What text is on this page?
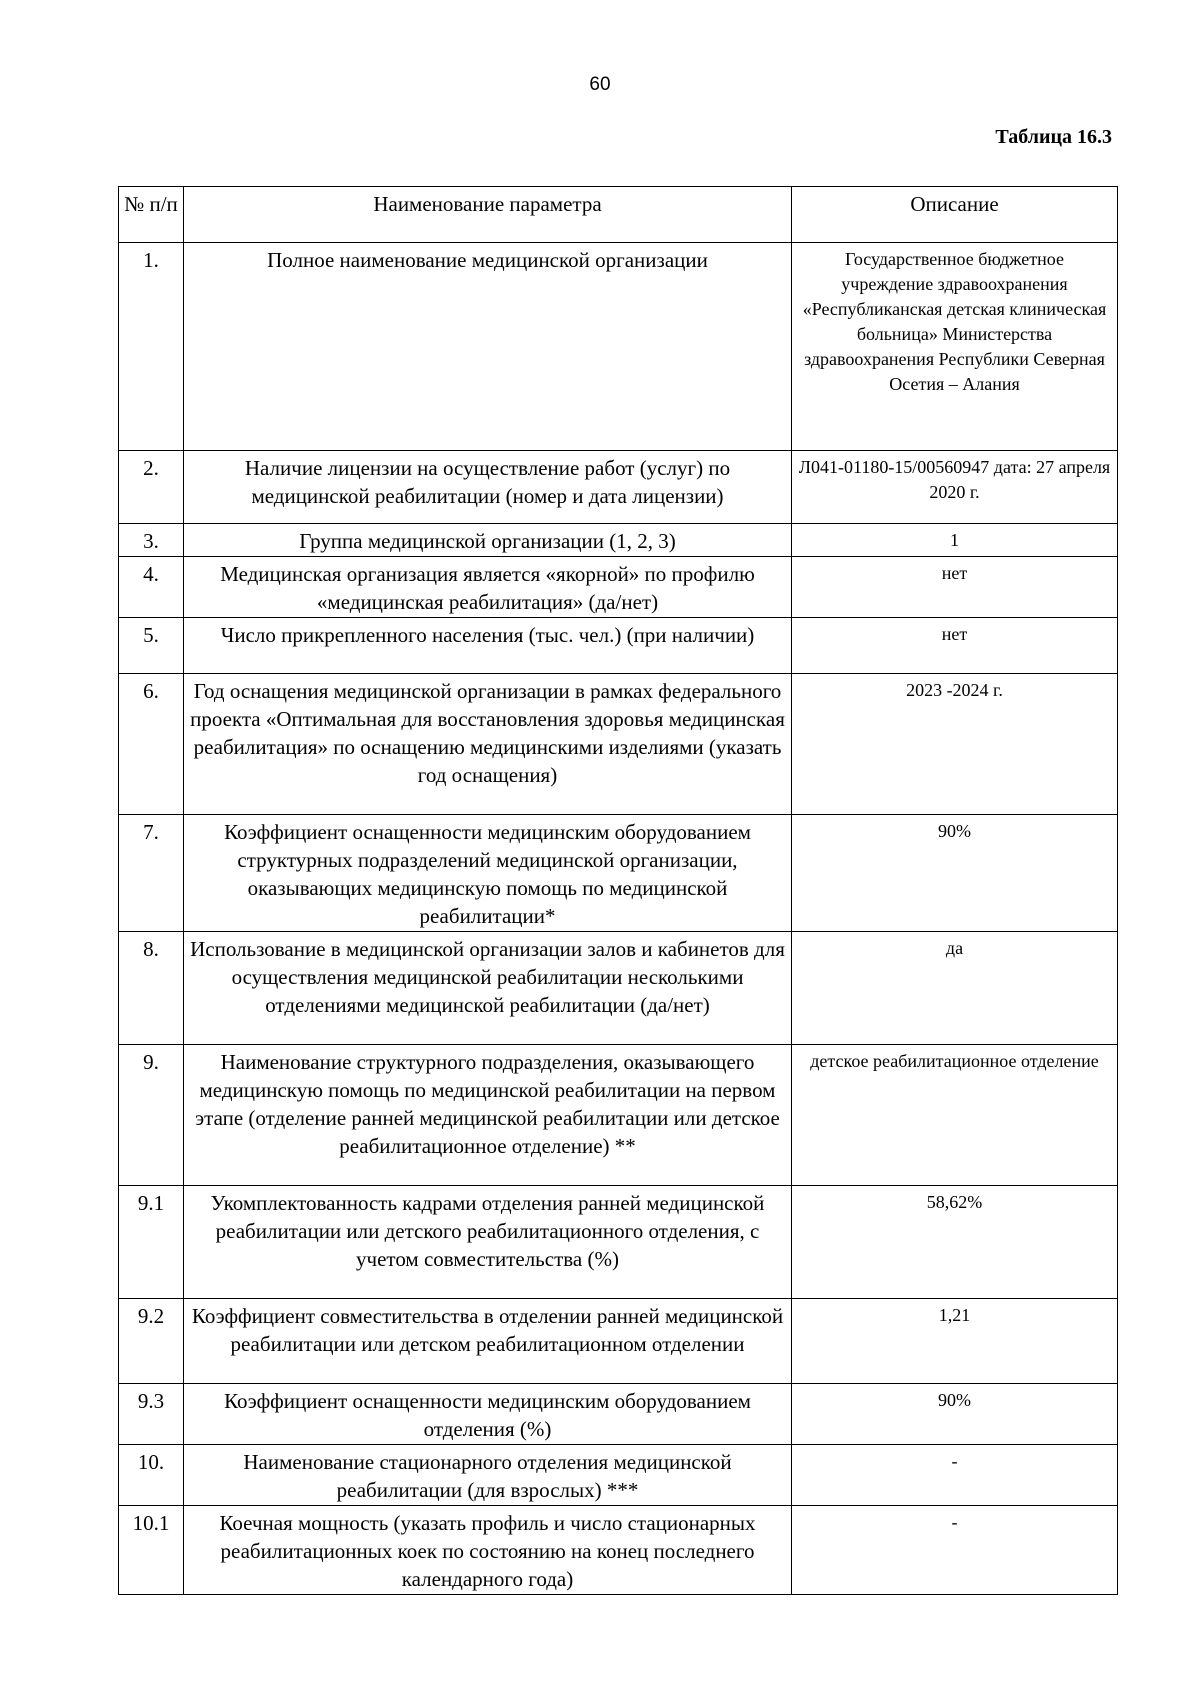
60
Таблица 16.3
№ п/п	Наименование параметра	Описание
1.	Полное наименование медицинской организации	Государственное бюджетное учреждение здравоохранения «Республиканская детская клиническая больница» Министерства здравоохранения Республики Северная Осетия – Алания
2.	Наличие лицензии на осуществление работ (услуг) по медицинской реабилитации (номер и дата лицензии)	Л041-01180-15/00560947 дата: 27 апреля 2020 г.
3.	Группа медицинской организации (1, 2, 3)	1
4.	Медицинская организация является «якорной» по профилю «медицинская реабилитация» (да/нет)	нет
5.	Число прикрепленного населения (тыс. чел.) (при наличии)	нет
6.	Год оснащения медицинской организации в рамках федерального проекта «Оптимальная для восстановления здоровья медицинская реабилитация» по оснащению медицинскими изделиями (указать год оснащения)	2023 -2024 г.
7.	Коэффициент оснащенности медицинским оборудованием структурных подразделений медицинской организации, оказывающих медицинскую помощь по медицинской реабилитации*	90%
8.	Использование в медицинской организации залов и кабинетов для осуществления медицинской реабилитации несколькими отделениями медицинской реабилитации (да/нет)	да
9.	Наименование структурного подразделения, оказывающего медицинскую помощь по медицинской реабилитации на первом этапе (отделение ранней медицинской реабилитации или детское реабилитационное отделение) **	детское реабилитационное отделение
9.1	Укомплектованность кадрами отделения ранней медицинской реабилитации или детского реабилитационного отделения, с учетом совместительства (%)	58,62%
9.2	Коэффициент совместительства в отделении ранней медицинской реабилитации или детском реабилитационном отделении	1,21
9.3	Коэффициент оснащенности медицинским оборудованием отделения (%)	90%
10.	Наименование стационарного отделения медицинской реабилитации (для взрослых) ***	-
10.1	Коечная мощность (указать профиль и число стационарных реабилитационных коек по состоянию на конец последнего календарного года)	-
